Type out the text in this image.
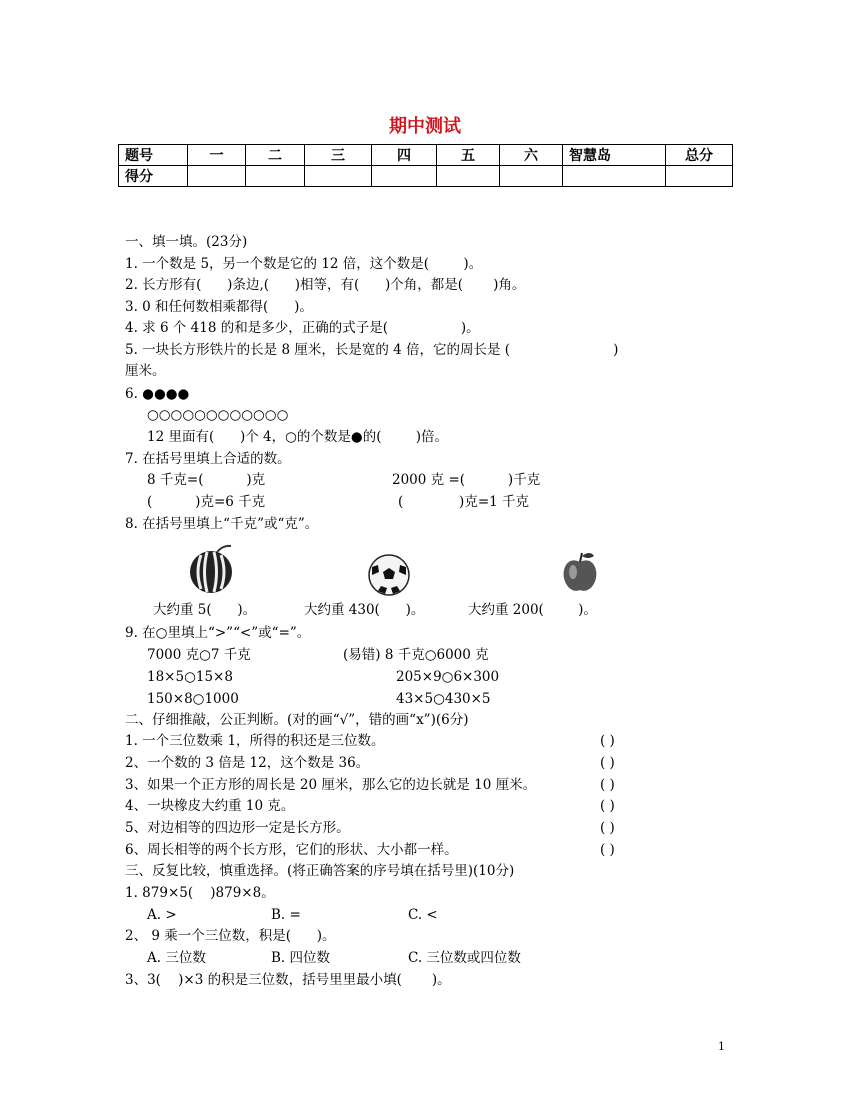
期中测试
题号	一	二	三	四	五	六	智慧岛	总分
得分								
一、填一填。(23分)
1. 一个数是 5，另一个数是它的 12 倍，这个数是(        )。
2. 长方形有(      )条边,(      )相等，有(      )个角，都是(       )角。
3. 0 和任何数相乘都得(      )。
4. 求 6 个 418 的和是多少，正确的式子是(                 )。
5. 一块长方形铁片的长是 8 厘米，长是宽的 4 倍，它的周长是 (                        )
厘米。
6. ●●●●
○○○○○○○○○○○○
12 里面有(      )个 4，○的个数是●的(        )倍。
7. 在括号里填上合适的数。
8 千克=(          )克	2000 克 =(          )千克
(          )克=6 千克	(             )克=1 千克
8. 在括号里填上“千克”或“克”。
大约重 5(      )。	大约重 430(      )。	大约重 200(        )。
9. 在○里填上“>”“<”或“=”。
7000 克○7 千克	(易错) 8 千克○6000 克
18×5○15×8	205×9○6×300
150×8○1000	43×5○430×5
二、仔细推敲，公正判断。(对的画“√”，错的画“x”)(6分)
1. 一个三位数乘 1，所得的积还是三位数。	( )
2、一个数的 3 倍是 12，这个数是 36。	( )
3、如果一个正方形的周长是 20 厘米，那么它的边长就是 10 厘米。	( )
4、一块橡皮大约重 10 克。	( )
5、对边相等的四边形一定是长方形。	( )
6、周长相等的两个长方形，它们的形状、大小都一样。	( )
三、反复比较，慎重选择。(将正确答案的序号填在括号里)(10分)
1. 879×5(    )879×8。
A. >	B. =	C. <
2、 9 乘一个三位数，积是(      )。
A. 三位数	B. 四位数	C. 三位数或四位数
3、3(    )×3 的积是三位数，括号里里最小填(       )。
1
